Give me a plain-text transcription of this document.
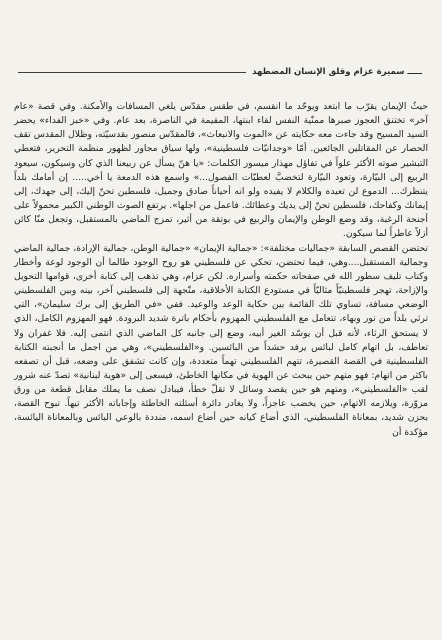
ـــــ سميرة عزام وقلق الإنسان المضطهد

حيثُ الإيمان يقرّب ما ابتعد ويوحّد ما انقسم، في طقس مقدّس يلغي المسافات والأمكنة. وفي قصة «عام آخر» تختنق العجوز صبرها ممنّية النفس لقاء ابنتها، المقيمة في الناصرة، بعد عام. وفي «خبز الفداء» يحضر السيد المسيح وقد جاءت معه حكايته عن «الموت والانبعاث»، فالمقدّس منصور بقدسيّته، وظلال المقدس تقف الحصار عن المقاتلين الجائعين. أمّا «وجدانيّات فلسطينية»، ولها سياق مجاور لظهور منظمة التحرير، فتعطي التبشير صوته الأكثر علواً في تفاؤل مهذار ميسور الكلمات: «يا هنّ يسأل عن ربيعنا الذي كان وسيكون، سيعود الربيع إلى البيّارة، وتعود البيّارة لتخضبَّ لعطيّات الفصول...» واسمع هذه الدمعة يا أخي..... إن أمامك بلداً يتنظرك... الدموع لن تعيده والكلام لا يفيده ولو انه أحياناً صادق وجميل، فلسطين تحنّ إليك، إلى جهدك، إلى إيمانك وكفاحك، فلسطين تحنّ إلى يديك وعطائك. فاعمل من اجلها». يرتفع الصوت الوطني الكبير محمولاً على أجنحة الرغبة، وقد وضع الوطن والإيمان والربيع في بوتقة من أثير، تمزج الماضي بالمستقبل، وتجعل منّا كائن أزلاً عاطراً لما سيكون.

تحتضن القصص السابقة «جماليات مختلفة»: «جمالية الإيمان» «جمالية الوطن، جمالية الإرادة، جمالية الماضي وجمالية المستقبل....وهي، فيما تحتضن، تحكي عن فلسطيني هو روح الوجود طالما أن الوجود لوعة وأخطار وكتاب تليف سطور الله في صفحاته حكمته وأسراره. لكن عزام، وهي تذهب إلى كتابة أخرى، قوامها التحويل والإزاحة، تهجر فلسطينيّاً مثاليّاً في مستودع الكتابة الأخلاقية، متّجهة إلى فلسطيني آخر، بينه وبين الفلسطيني الوضعي مسافة، تساوي تلك القائمة بين حكاية الوعد والوعيد. ففي «في الطريق إلى برك سليمان»، التي ترثي بلداً من نور وبهاء، تتعامل مع الفلسطيني المهزوم بأحكام باترة شديد البرودة. فهو المهزوم الكامل، الذي لا يستحق الرثاء، لأنه قبل أن يوسّد الغير أبيه، وضع إلى جانبه كل الماضي الذي انتمى إليه. فلا غفران ولا تعاطف، بل اتهام كامل لبائس يرفد حشداً من البائسين. و«الفلسطيني»، وهي من اجمل ما أنجبته الكتابة الفلسطينية في القصة القصيرة، تتهم الفلسطيني تهماً متعددة، وإن كانت تشفق على وضعه، قبل أن تصفعه باكثر من اتهام: فهو متهم حين يبحث عن الهوية في مكانها الخاطئ، فيسعى إلى «هوية لبنانية» تصدّ عنه شرور لقب «الفلسطيني»، ومتهم هو حين يقصد وسائل لا تقلّ خطأ، فيبادل نصف ما يملك مقابل قطعة من ورق مزوّرة، ويلازمه الاتهام، حين يخضب عاجزاً، ولا يغادر دائرة أسئلته الخاطئة وإجاباته الأكثر تيهاً. تبوح القصة، بحزن شديد، بمعاناة الفلسطيني، الذي أضاع كيانه حين أضاع اسمه، منددة بالوعي البائس وبالمعاناة اليائسة، مؤكدة أن
